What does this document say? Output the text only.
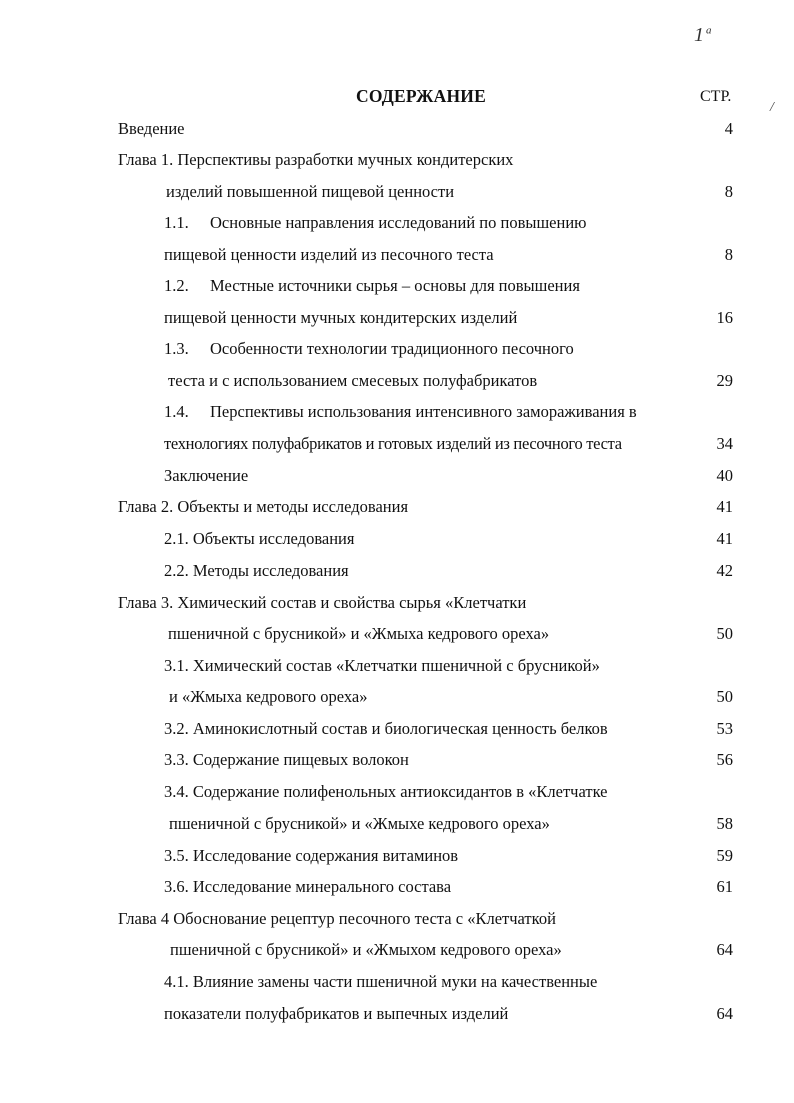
1$^a$
/
СОДЕРЖАНИЕ	СТР.
Введение	4
Глава 1. Перспективы разработки мучных кондитерских
изделий повышенной пищевой ценности	8
1.1. Основные направления исследований по повышению
пищевой ценности изделий из песочного теста	8
1.2. Местные источники сырья – основы для повышения
пищевой ценности мучных кондитерских изделий	16
1.3. Особенности технологии традиционного песочного
теста и с использованием смесевых полуфабрикатов	29
1.4. Перспективы использования интенсивного замораживания в
технологиях полуфабрикатов и готовых изделий из песочного теста	34
Заключение	40
Глава 2. Объекты и методы исследования	41
2.1. Объекты исследования	41
2.2. Методы исследования	42
Глава 3. Химический состав и свойства сырья «Клетчатки
пшеничной с брусникой» и «Жмыха кедрового ореха»	50
3.1. Химический состав «Клетчатки пшеничной с брусникой»
и «Жмыха кедрового ореха»	50
3.2. Аминокислотный состав и биологическая ценность белков	53
3.3. Содержание пищевых волокон	56
3.4. Содержание полифенольных антиоксидантов в «Клетчатке
пшеничной с брусникой» и «Жмыхе кедрового ореха»	58
3.5. Исследование содержания витаминов	59
3.6. Исследование минерального состава	61
Глава 4 Обоснование рецептур песочного теста с «Клетчаткой
пшеничной с брусникой» и «Жмыхом кедрового ореха»	64
4.1. Влияние замены части пшеничной муки на качественные
показатели полуфабрикатов и выпечных изделий	64
